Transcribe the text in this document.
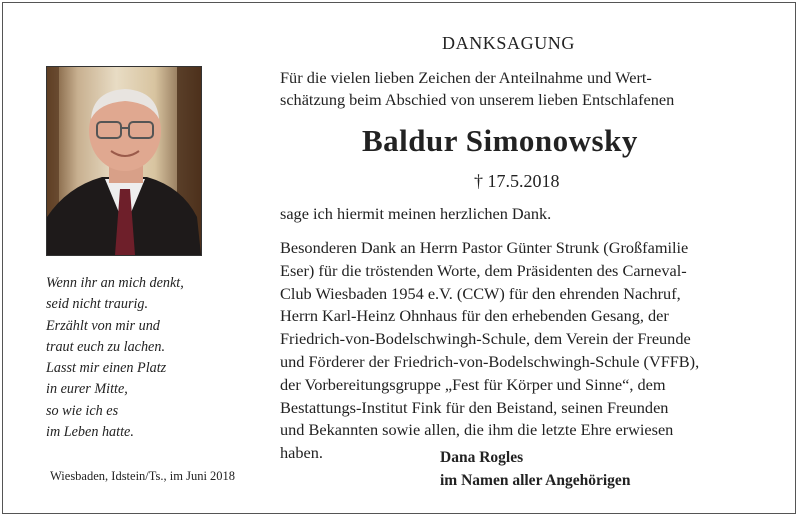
DANKSAGUNG
Für die vielen lieben Zeichen der Anteilnahme und Wert-
schätzung beim Abschied von unserem lieben Entschlafenen
Baldur Simonowsky
† 17.5.2018
sage ich hiermit meinen herzlichen Dank.
Besonderen Dank an Herrn Pastor Günter Strunk (Großfamilie
Eser) für die tröstenden Worte, dem Präsidenten des Carneval-
Club Wiesbaden 1954 e.V. (CCW) für den ehrenden Nachruf,
Herrn Karl-Heinz Ohnhaus für den erhebenden Gesang, der
Friedrich-von-Bodelschwingh-Schule, dem Verein der Freunde
und Förderer der Friedrich-von-Bodelschwingh-Schule (VFFB),
der Vorbereitungsgruppe „Fest für Körper und Sinne“, dem
Bestattungs-Institut Fink für den Beistand, seinen Freunden
und Bekannten sowie allen, die ihm die letzte Ehre erwiesen
haben.	Dana Rogles
im Namen aller Angehörigen
Wenn ihr an mich denkt,
seid nicht traurig.
Erzählt von mir und
traut euch zu lachen.
Lasst mir einen Platz
in eurer Mitte,
so wie ich es
im Leben hatte.
Wiesbaden, Idstein/Ts., im Juni 2018
